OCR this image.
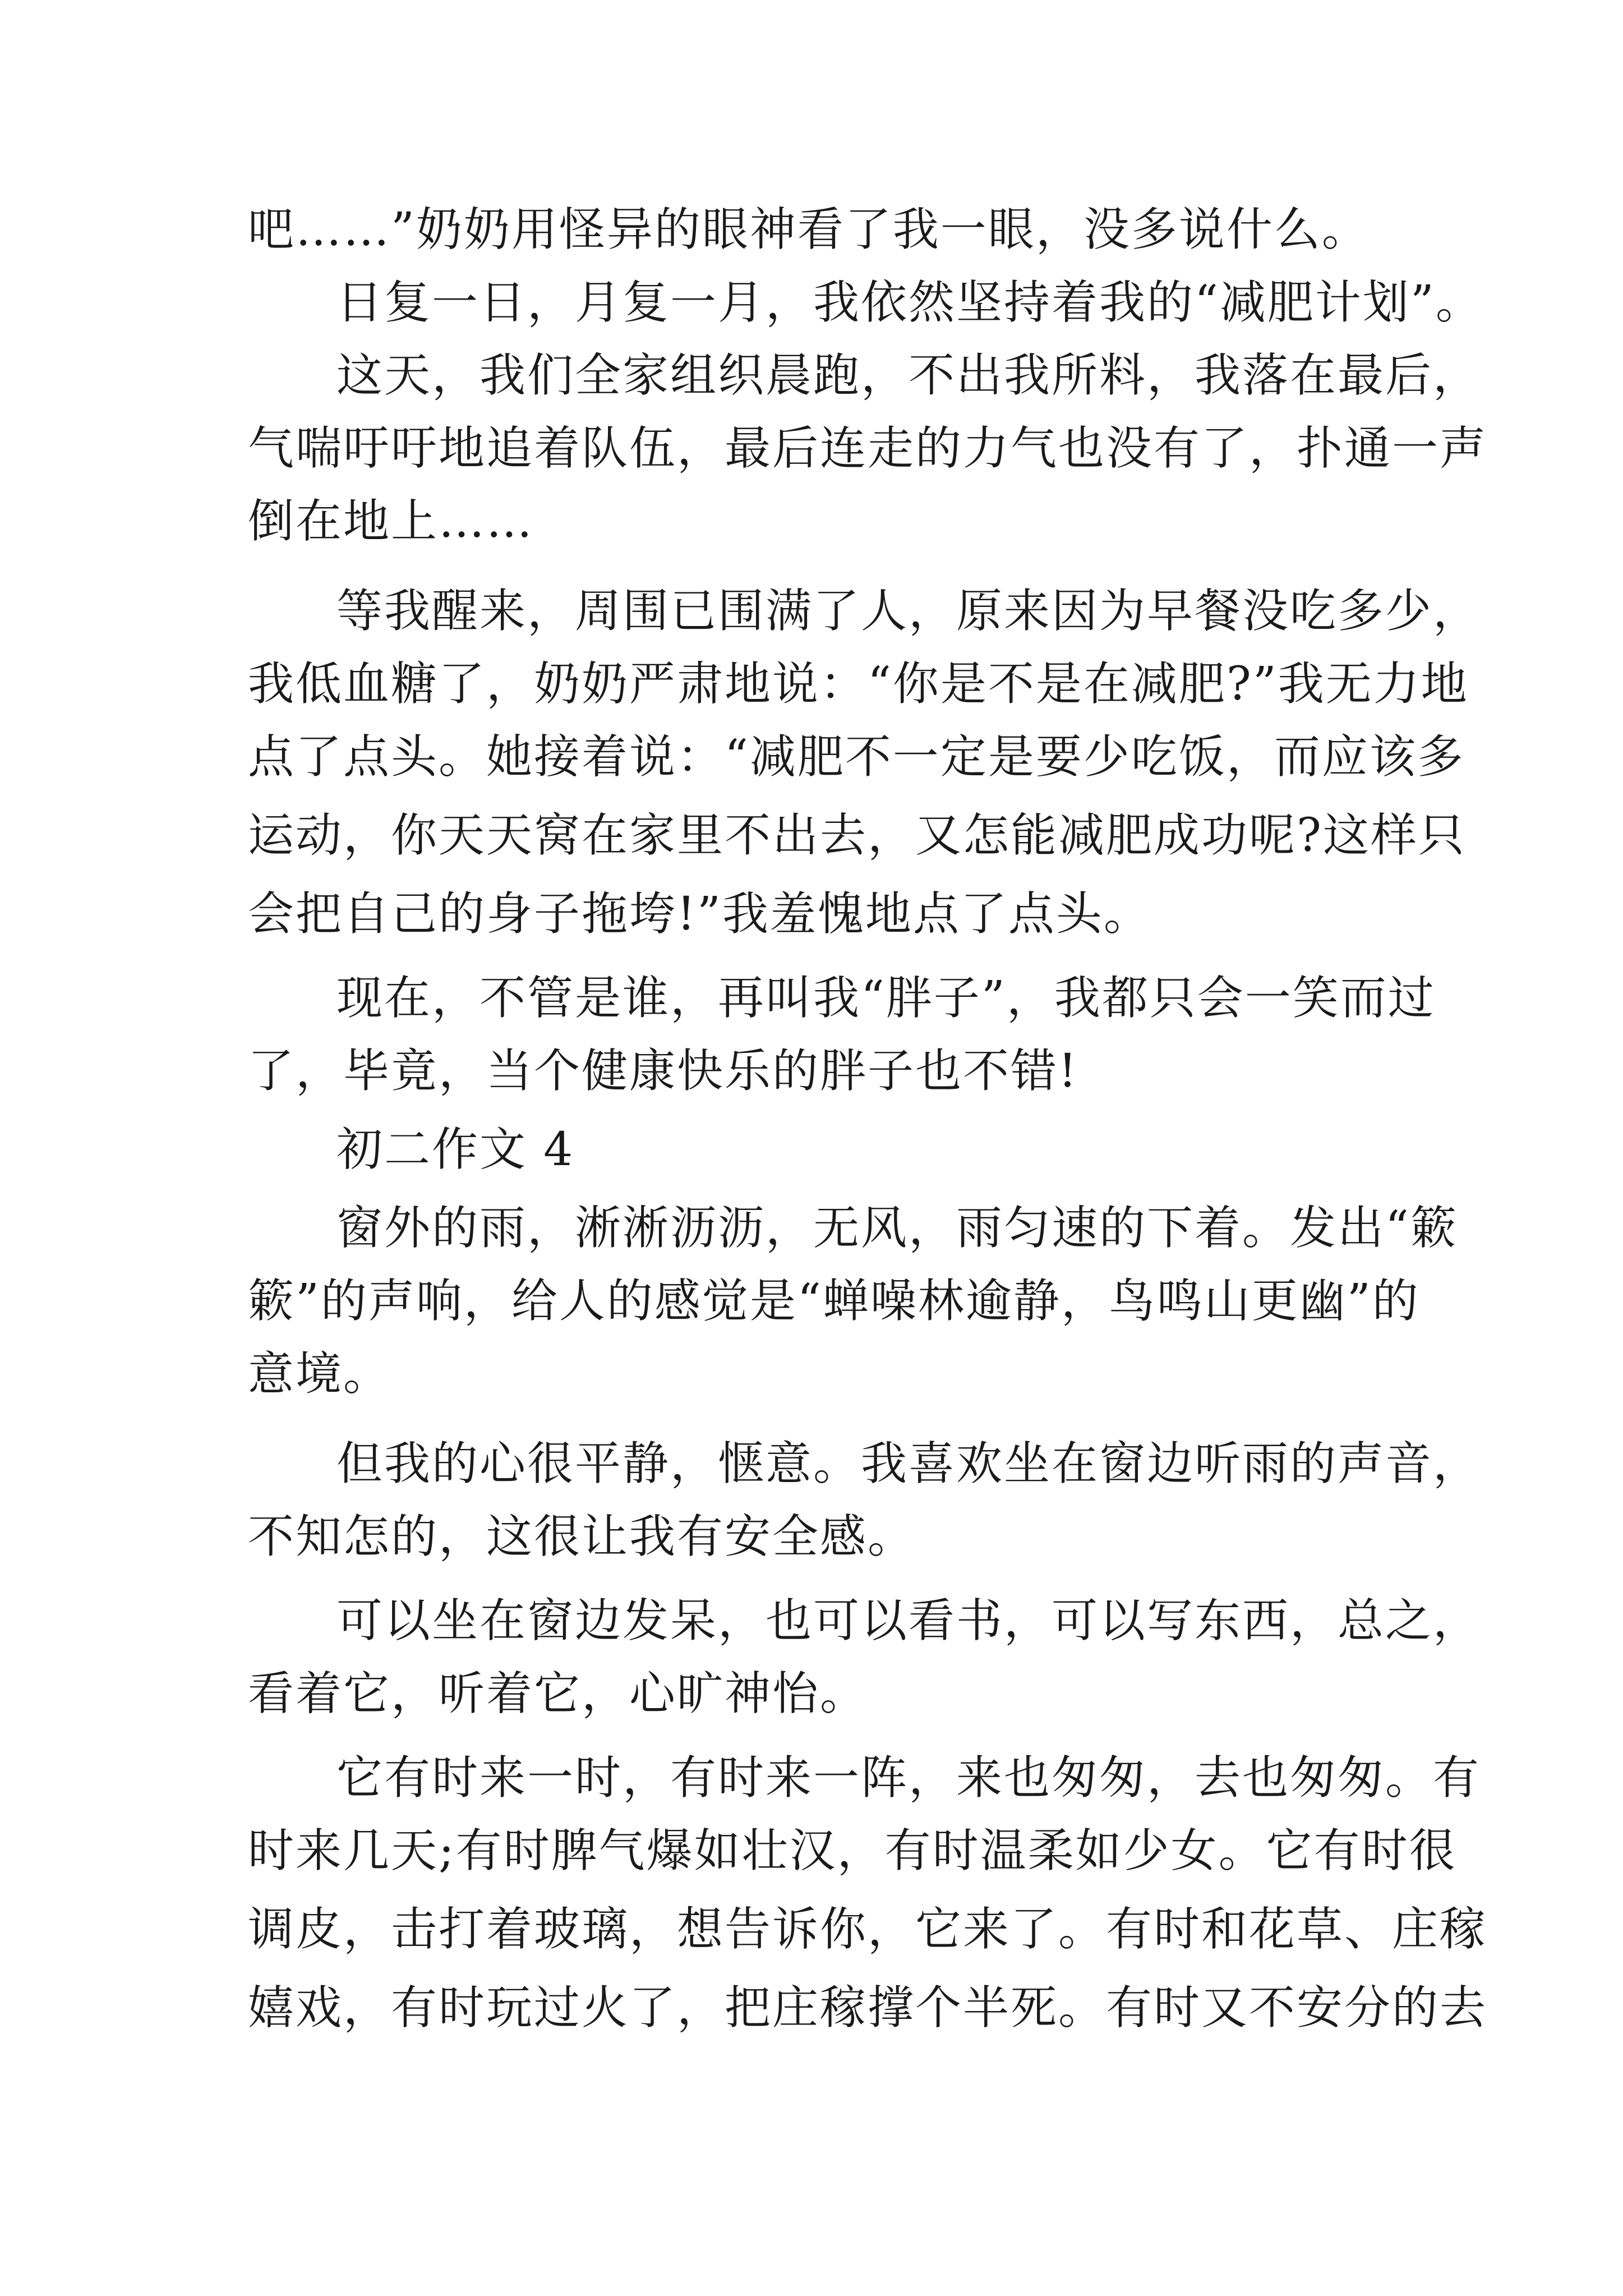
吧……”奶奶用怪异的眼神看了我一眼，没多说什么。
日复一日，月复一月，我依然坚持着我的“减肥计划”。
这天，我们全家组织晨跑，不出我所料，我落在最后，
气喘吁吁地追着队伍，最后连走的力气也没有了，扑通一声
倒在地上……
等我醒来，周围已围满了人，原来因为早餐没吃多少，
我低血糖了，奶奶严肃地说：“你是不是在减肥?”我无力地
点了点头。她接着说：“减肥不一定是要少吃饭，而应该多
运动，你天天窝在家里不出去，又怎能减肥成功呢?这样只
会把自己的身子拖垮!”我羞愧地点了点头。
现在，不管是谁，再叫我“胖子”，我都只会一笑而过
了，毕竟，当个健康快乐的胖子也不错!
初二作文 4
窗外的雨，淅淅沥沥，无风，雨匀速的下着。发出“簌
簌”的声响，给人的感觉是“蝉噪林逾静，鸟鸣山更幽”的
意境。
但我的心很平静，惬意。我喜欢坐在窗边听雨的声音，
不知怎的，这很让我有安全感。
可以坐在窗边发呆，也可以看书，可以写东西，总之，
看着它，听着它，心旷神怡。
它有时来一时，有时来一阵，来也匆匆，去也匆匆。有
时来几天;有时脾气爆如壮汉，有时温柔如少女。它有时很
调皮，击打着玻璃，想告诉你，它来了。有时和花草、庄稼
嬉戏，有时玩过火了，把庄稼撑个半死。有时又不安分的去
